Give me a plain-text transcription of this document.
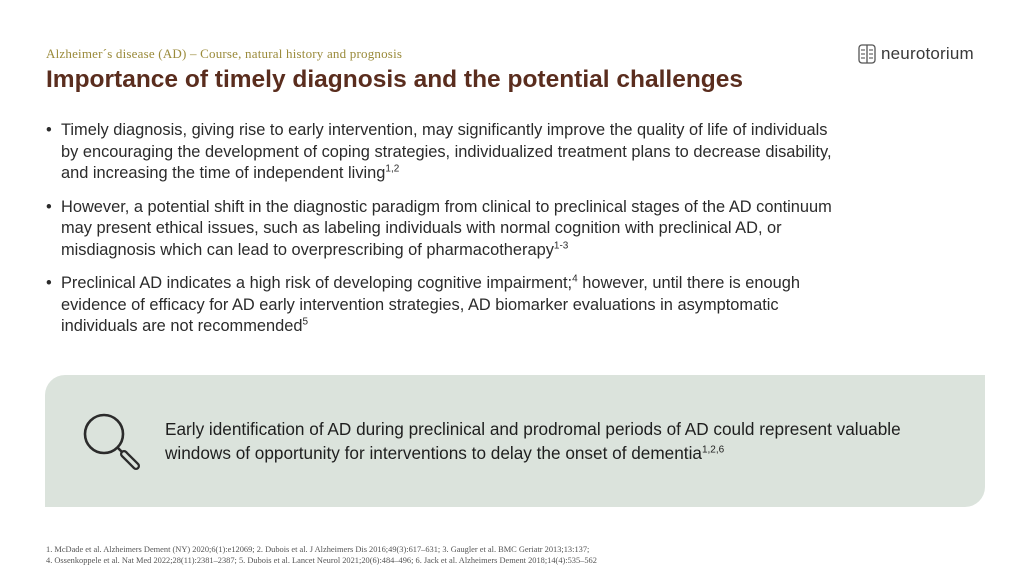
Alzheimer´s disease (AD) – Course, natural history and prognosis
Importance of timely diagnosis and the potential challenges
neurotorium
• Timely diagnosis, giving rise to early intervention, may significantly improve the quality of life of individuals by encouraging the development of coping strategies, individualized treatment plans to decrease disability, and increasing the time of independent living$^{1,2}$
• However, a potential shift in the diagnostic paradigm from clinical to preclinical stages of the AD continuum may present ethical issues, such as labeling individuals with normal cognition with preclinical AD, or misdiagnosis which can lead to overprescribing of pharmacotherapy$^{1-3}$
• Preclinical AD indicates a high risk of developing cognitive impairment;$^4$ however, until there is enough evidence of efficacy for AD early intervention strategies, AD biomarker evaluations in asymptomatic individuals are not recommended$^5$
Early identification of AD during preclinical and prodromal periods of AD could represent valuable windows of opportunity for interventions to delay the onset of dementia$^{1,2,6}$
1. McDade et al. Alzheimers Dement (NY) 2020;6(1):e12069; 2. Dubois et al. J Alzheimers Dis 2016;49(3):617–631; 3. Gaugler et al. BMC Geriatr 2013;13:137;
4. Ossenkoppele et al. Nat Med 2022;28(11):2381–2387; 5. Dubois et al. Lancet Neurol 2021;20(6):484–496; 6. Jack et al. Alzheimers Dement 2018;14(4):535–562
